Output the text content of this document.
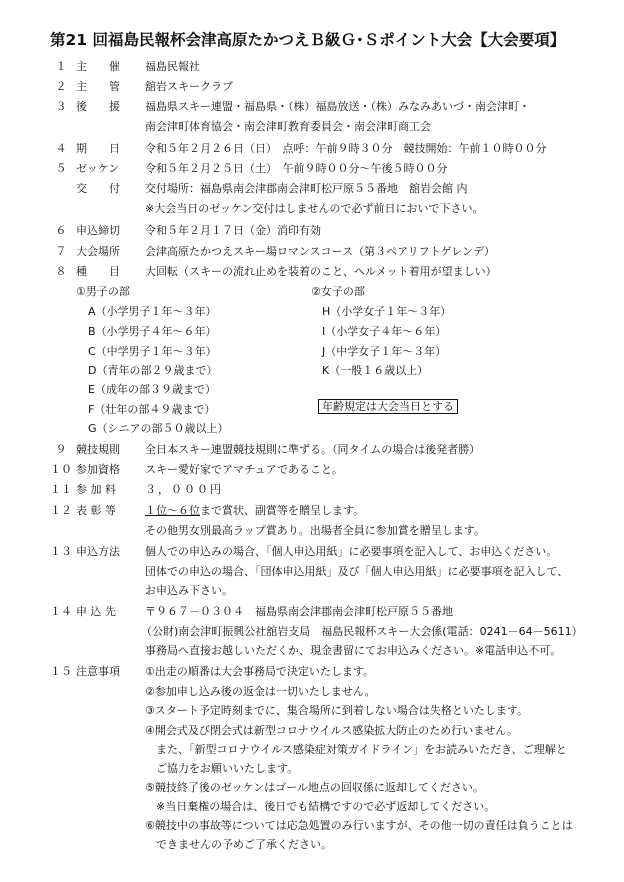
第21 回福島民報杯会津高原たかつえＢ級Ｇ･Ｓポイント大会【大会要項】
１ 主　　催 福島民報社
２ 主　　管 舘岩スキークラブ
３ 後　　援 福島県スキー連盟・福島県・（株）福島放送・（株）みなみあいづ・南会津町・
南会津町体育協会・南会津町教育委員会・南会津町商工会
４ 期　　日 令和５年２月２６日（日）　点呼：午前９時３０分　競技開始：午前１０時００分
５ ゼッケン 令和５年２月２５日（土）　午前９時００分～午後５時００分
交　　付 交付場所：福島県南会津郡南会津町松戸原５５番地　舘岩会館 内
※大会当日のゼッケン交付はしませんので必ず前日においで下さい。
６ 申込締切 令和５年２月１７日（金）消印有効
７ 大会場所 会津高原たかつえスキー場ロマンスコース（第３ペアリフトゲレンデ）
８ 種　　目 大回転（スキーの流れ止めを装着のこと、ヘルメット着用が望ましい）
①男子の部
A（小学男子１年～３年）
B（小学男子４年～６年）
C（中学男子１年～３年）
D（青年の部２９歳まで）
E（成年の部３９歳まで）
F（壮年の部４９歳まで）
G（シニアの部５０歳以上）
②女子の部
H（小学女子１年～３年）
I（小学女子４年～６年）
J（中学女子１年～３年）
K（一般１６歳以上）
年齢規定は大会当日とする
９ 競技規則 全日本スキー連盟競技規則に準ずる。（同タイムの場合は後発者勝）
１０ 参加資格 スキー愛好家でアマチュアであること。
１１ 参 加 料	３，０００円
１２ 表 彰 等	１位～６位まで賞状、副賞等を贈呈します。
その他男女別最高ラップ賞あり。出場者全員に参加賞を贈呈します。
１３ 申込方法 個人での申込みの場合、「個人申込用紙」に必要事項を記入して、お申込ください。
団体での申込の場合、「団体申込用紙」及び「個人申込用紙」に必要事項を記入して、
お申込み下さい。
１４ 申 込 先	〒９６７－０３０４　福島県南会津郡南会津町松戸原５５番地
（公財)南会津町振興公社舘岩支局　福島民報杯スキー大会係(電話：0241－64－5611）
事務局へ直接お越しいただくか、現金書留にてお申込みください。※電話申込不可。
１５ 注意事項 ①出走の順番は大会事務局で決定いたします。
②参加申し込み後の返金は一切いたしません。
③スタート予定時刻までに、集合場所に到着しない場合は失格といたします。
④開会式及び閉会式は新型コロナウイルス感染拡大防止のため行いません。
また、「新型コロナウイルス感染症対策ガイドライン」をお読みいただき、ご理解と
ご協力をお願いいたします。
⑤競技終了後のゼッケンはゴール地点の回収係に返却してください。
※当日棄権の場合は、後日でも結構ですので必ず返却してください。
⑥競技中の事故等については応急処置のみ行いますが、その他一切の責任は負うことは
できませんの予めご了承ください。
